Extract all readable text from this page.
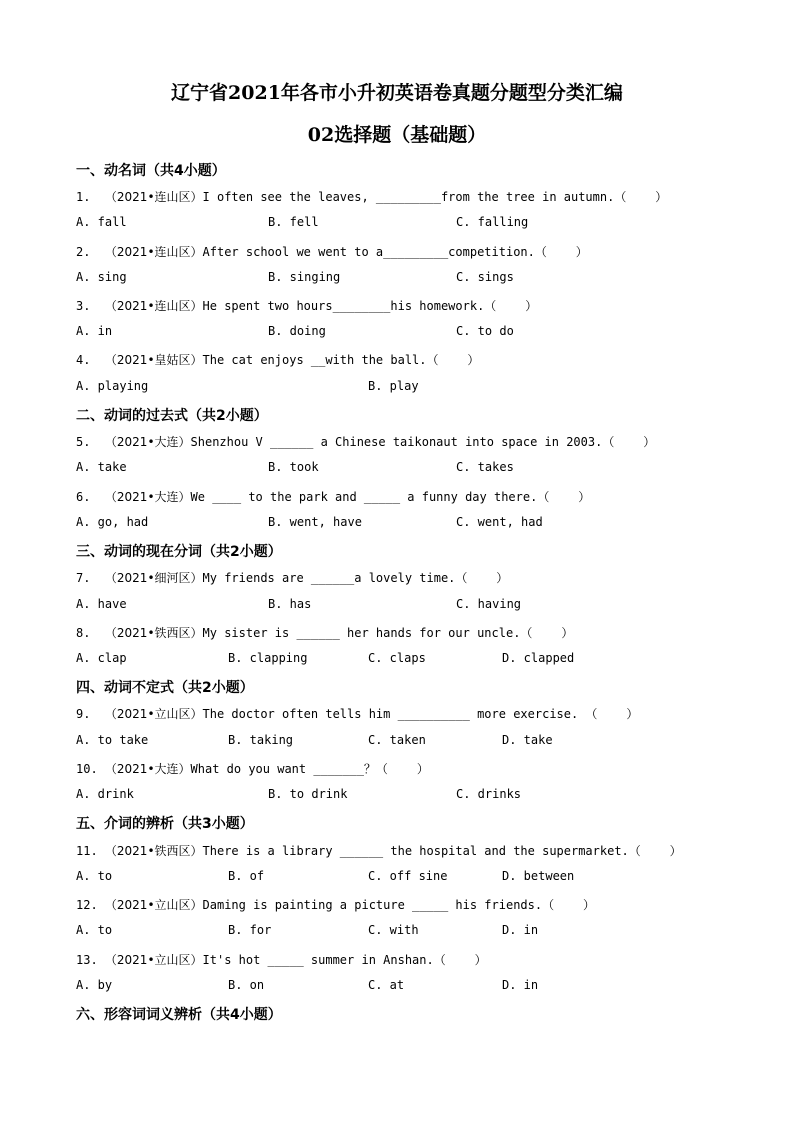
辽宁省2021年各市小升初英语卷真题分题型分类汇编
02选择题（基础题）
一、动名词（共4小题）
1.  （2021•连山区）I often see the leaves, _________from the tree in autumn.（    ）
A. fall	B. fell	C. falling
2.  （2021•连山区）After school we went to a_________competition.（    ）
A. sing	B. singing	C. sings
3.  （2021•连山区）He spent two hours________his homework.（    ）
A. in	B. doing	C. to do
4.  （2021•皇姑区）The cat enjoys __with the ball.（    ）
A. playing	B. play
二、动词的过去式（共2小题）
5.  （2021•大连）Shenzhou V ______ a Chinese taikonaut into space in 2003.（    ）
A. take	B. took	C. takes
6.  （2021•大连）We ____ to the park and _____ a funny day there.（    ）
A. go, had	B. went, have	C. went, had
三、动词的现在分词（共2小题）
7.  （2021•细河区）My friends are ______a lovely time.（    ）
A. have	B. has	C. having
8.  （2021•铁西区）My sister is ______ her hands for our uncle.（    ）
A. clap	B. clapping	C. claps	D. clapped
四、动词不定式（共2小题）
9.  （2021•立山区）The doctor often tells him __________ more exercise. （    ）
A. to take	B. taking	C. taken	D. take
10. （2021•大连）What do you want _______？（    ）
A. drink	B. to drink	C. drinks
五、介词的辨析（共3小题）
11. （2021•铁西区）There is a library ______ the hospital and the supermarket.（    ）
A. to	B. of	C. off sine	D. between
12. （2021•立山区）Daming is painting a picture _____ his friends.（    ）
A. to	B. for	C. with	D. in
13. （2021•立山区）It's hot _____ summer in Anshan.（    ）
A. by	B. on	C. at	D. in
六、形容词词义辨析（共4小题）
